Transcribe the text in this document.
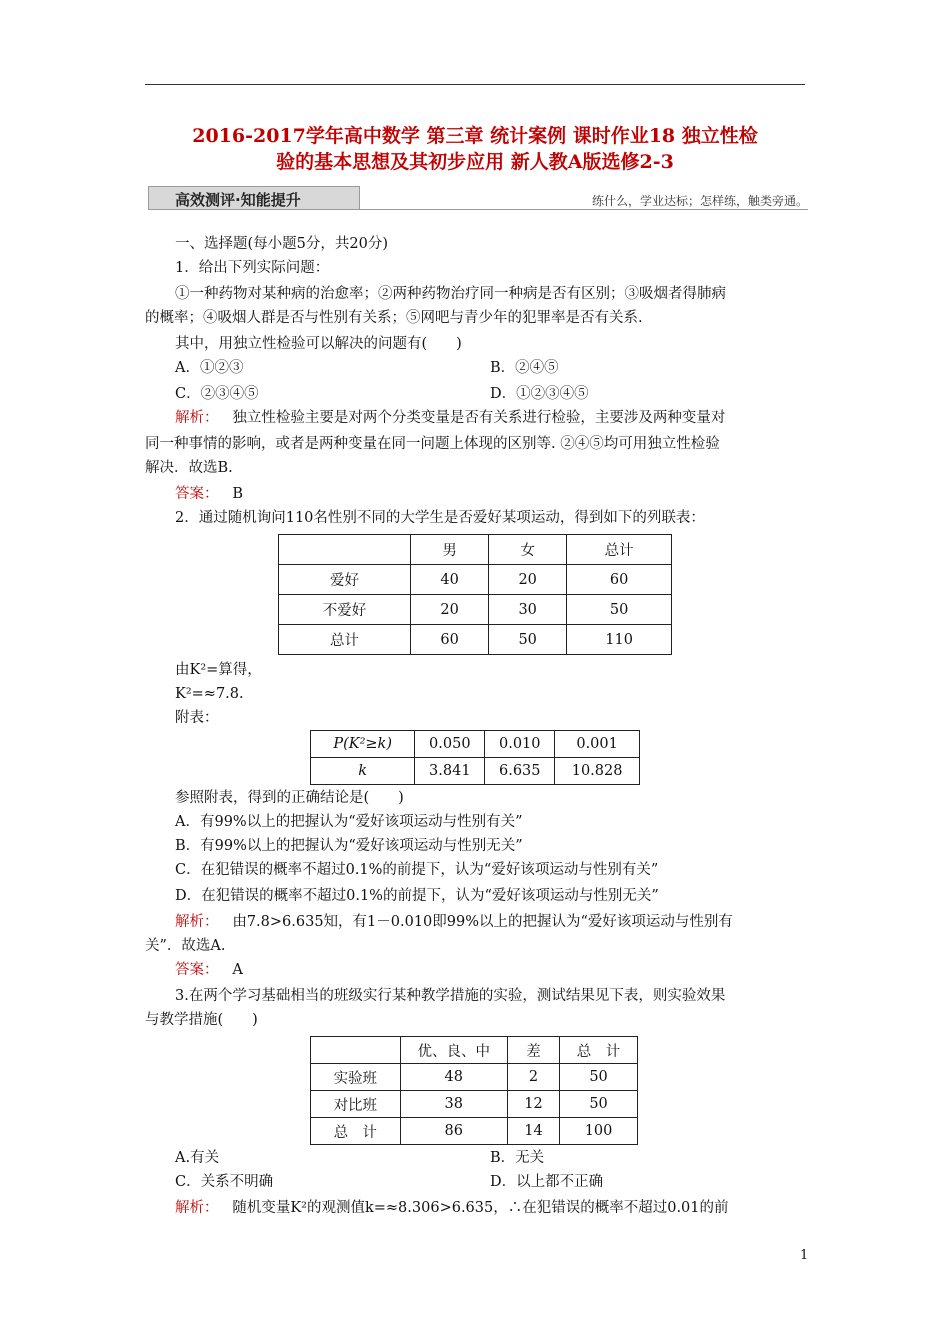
2016-2017学年高中数学 第三章 统计案例 课时作业18 独立性检
验的基本思想及其初步应用 新人教A版选修2-3
高效测评·知能提升	练什么，学业达标；怎样练，触类旁通。
一、选择题(每小题5分，共20分)
1．给出下列实际问题：
①一种药物对某种病的治愈率；②两种药物治疗同一种病是否有区别；③吸烟者得肺病
的概率；④吸烟人群是否与性别有关系；⑤网吧与青少年的犯罪率是否有关系.
其中，用独立性检验可以解决的问题有(　　)
A．①②③	B．②④⑤
C．②③④⑤	D．①②③④⑤
解析： 独立性检验主要是对两个分类变量是否有关系进行检验，主要涉及两种变量对
同一种事情的影响，或者是两种变量在同一问题上体现的区别等. ②④⑤均可用独立性检验
解决．故选B.
答案： B
2．通过随机询问110名性别不同的大学生是否爱好某项运动，得到如下的列联表：
	男	女	总计
爱好	40	20	60
不爱好	20	30	50
总计	60	50	110
由K²=算得，
K²=≈7.8.
附表：
P(K²≥k)	0.050	0.010	0.001
k	3.841	6.635	10.828
参照附表，得到的正确结论是(　　)
A．有99%以上的把握认为“爱好该项运动与性别有关”
B．有99%以上的把握认为“爱好该项运动与性别无关”
C．在犯错误的概率不超过0.1%的前提下，认为“爱好该项运动与性别有关”
D．在犯错误的概率不超过0.1%的前提下，认为“爱好该项运动与性别无关”
解析： 由7.8>6.635知，有1－0.010即99%以上的把握认为“爱好该项运动与性别有
关”．故选A.
答案： A
3.在两个学习基础相当的班级实行某种教学措施的实验，测试结果见下表，则实验效果
与教学措施(　　)
	优、良、中	差	总　计
实验班	48	2	50
对比班	38	12	50
总　计	86	14	100
A.有关	B．无关
C．关系不明确	D．以上都不正确
解析： 随机变量K²的观测值k=≈8.306>6.635，∴在犯错误的概率不超过0.01的前
1
